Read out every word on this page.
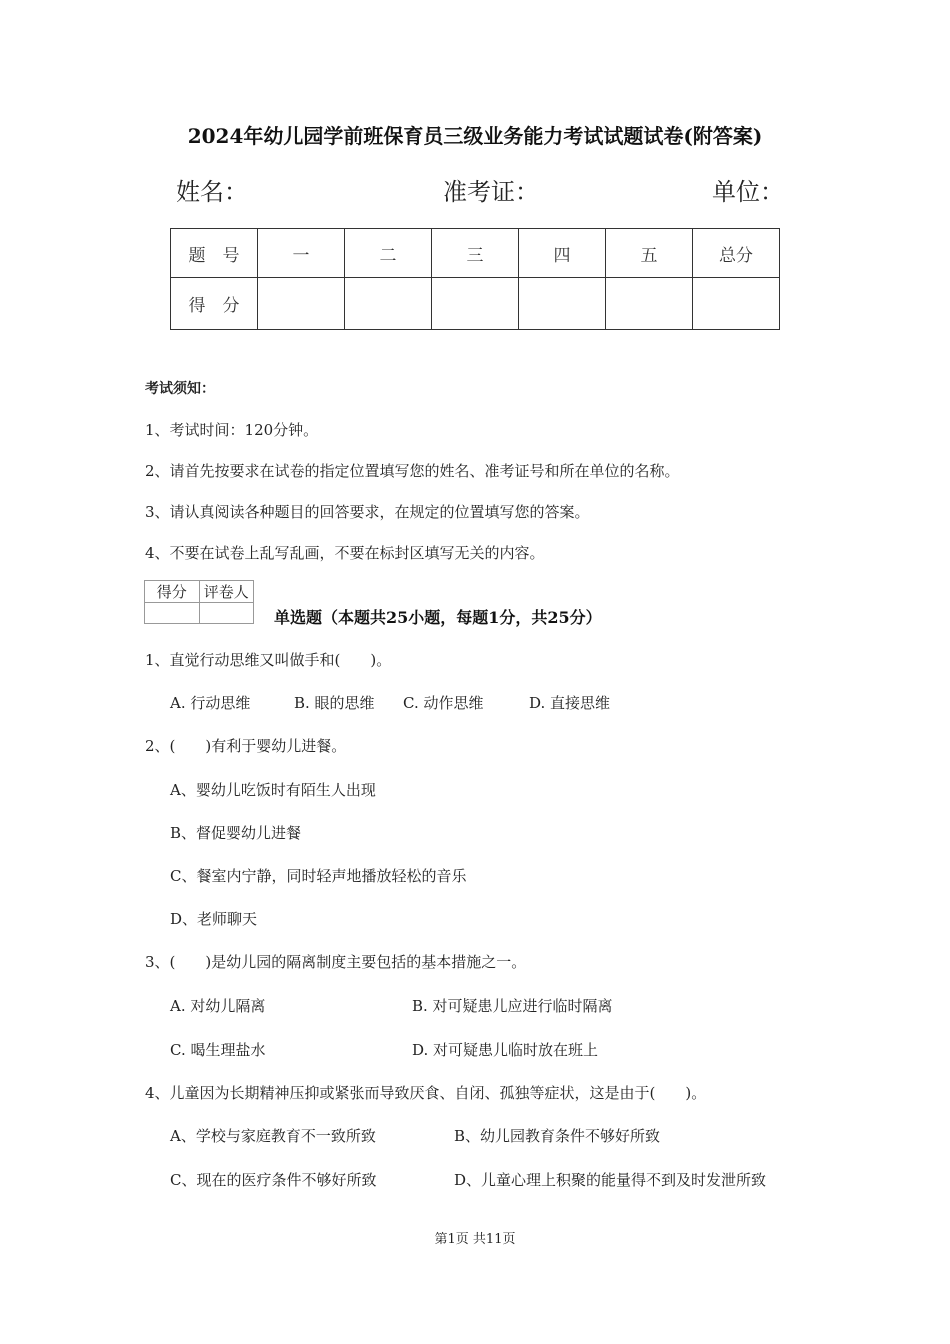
2024年幼儿园学前班保育员三级业务能力考试试题试卷(附答案)
姓名：	准考证：	单位：
题　号	一	二	三	四	五	总分
得　分						
考试须知：
1、考试时间：120分钟。
2、请首先按要求在试卷的指定位置填写您的姓名、准考证号和所在单位的名称。
3、请认真阅读各种题目的回答要求，在规定的位置填写您的答案。
4、不要在试卷上乱写乱画，不要在标封区填写无关的内容。
得分	评卷人

单选题（本题共25小题，每题1分，共25分）
1、直觉行动思维又叫做手和(　　)。
A. 行动思维	B. 眼的思维 C. 动作思维	D. 直接思维
2、(　　)有利于婴幼儿进餐。
A、婴幼儿吃饭时有陌生人出现
B、督促婴幼儿进餐
C、餐室内宁静，同时轻声地播放轻松的音乐
D、老师聊天
3、(　　)是幼儿园的隔离制度主要包括的基本措施之一。
A. 对幼儿隔离	B. 对可疑患儿应进行临时隔离
C. 喝生理盐水	D. 对可疑患儿临时放在班上
4、儿童因为长期精神压抑或紧张而导致厌食、自闭、孤独等症状，这是由于(　　)。
A、学校与家庭教育不一致所致	B、幼儿园教育条件不够好所致
C、现在的医疗条件不够好所致	D、儿童心理上积聚的能量得不到及时发泄所致
第1页 共11页
